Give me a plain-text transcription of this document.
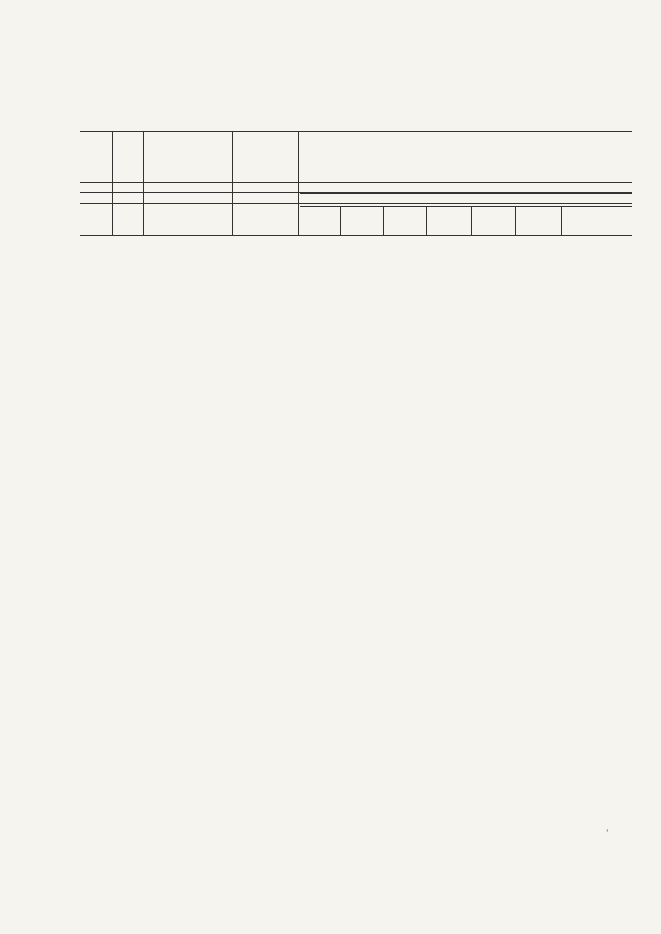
ˈ
